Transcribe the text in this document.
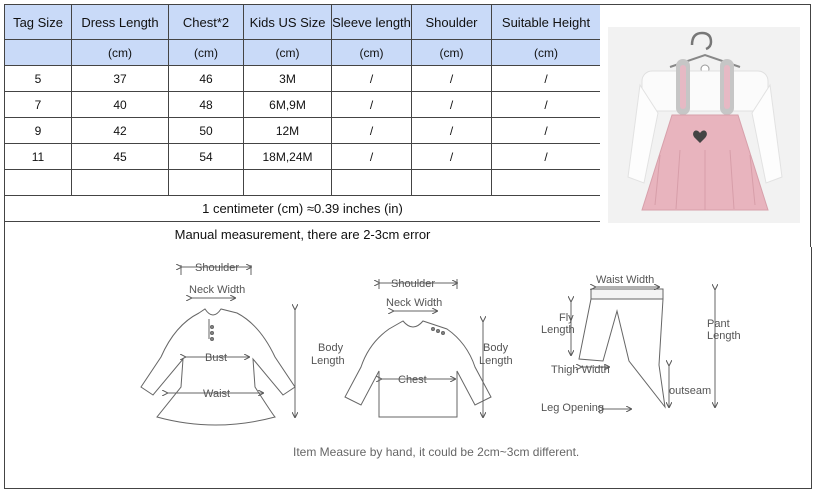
Tag Size	Dress Length	Chest*2	Kids US Size	Sleeve length	Shoulder	Suitable Height
	(cm)	(cm)	(cm)	(cm)	(cm)	(cm)
5	37	46	3M	/	/	/
7	40	48	6M,9M	/	/	/
9	42	50	12M	/	/	/
11	45	54	18M,24M	/	/	/

1 centimeter (cm) ≈0.39 inches (in)						
Manual measurement, there are 2-3cm error						
Shoulder
Neck Width
Bust
Waist
Body
Length
Shoulder
Neck Width
Chest
Body
Length
Waist Width
Fly
Length	Pant
Length
Thigh Width
outseam
Leg Opening
Item Measure by hand, it could be 2cm~3cm different.
